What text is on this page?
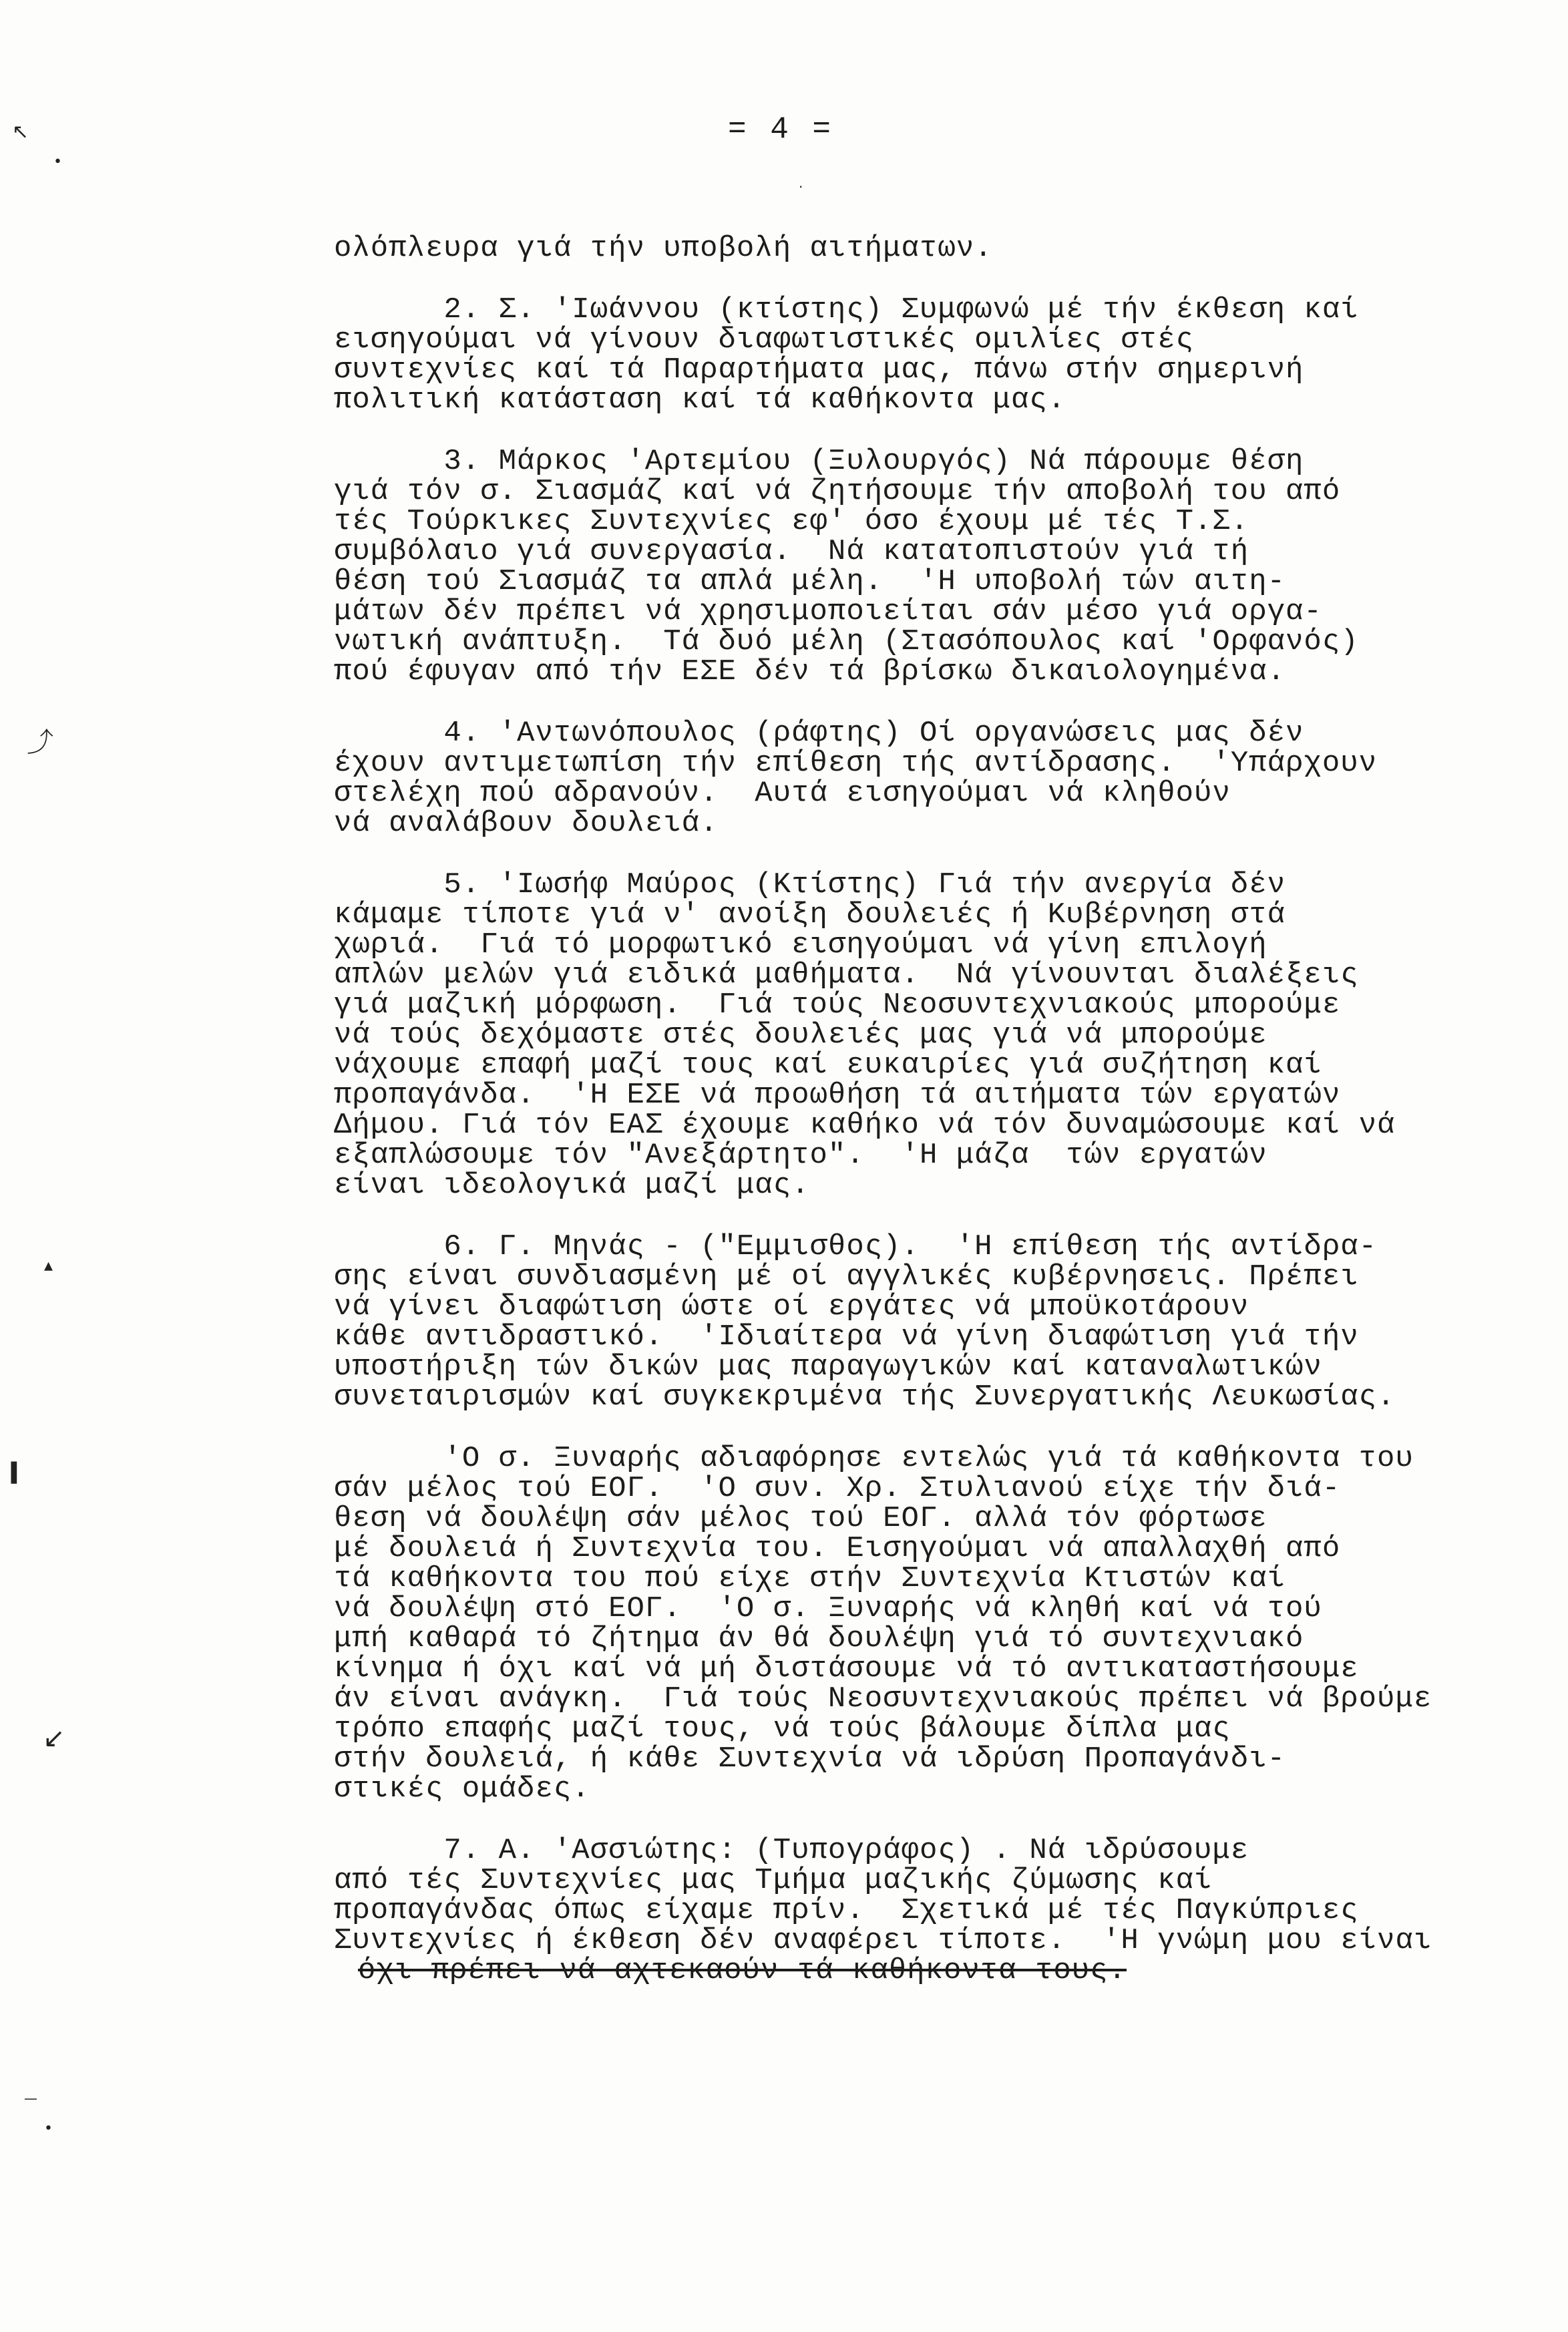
↖
•
⤴
▴
╹
↙
—
•
·
= 4 =
ολόπλευρα γιά τήν υποβολή αιτήματων.
2. Σ. 'Ιωάννου (κτίστης) Συμφωνώ μέ τήν έκθεση καί
εισηγούμαι νά γίνουν διαφωτιστικές ομιλίες στές
συντεχνίες καί τά Παραρτήματα μας, πάνω στήν σημερινή
πολιτική κατάσταση καί τά καθήκοντα μας.
3. Μάρκος 'Αρτεμίου (Ξυλουργός) Νά πάρουμε θέση
γιά τόν σ. Σιασμάζ καί νά ζητήσουμε τήν αποβολή του από
τές Τούρκικες Συντεχνίες εφ' όσο έχουμ μέ τές Τ.Σ.
συμβόλαιο γιά συνεργασία.  Νά κατατοπιστούν γιά τή
θέση τού Σιασμάζ τα απλά μέλη.  'Η υποβολή τών αιτη-
μάτων δέν πρέπει νά χρησιμοποιείται σάν μέσο γιά οργα-
νωτική ανάπτυξη.  Τά δυό μέλη (Στασόπουλος καί 'Ορφανός)
πού έφυγαν από τήν ΕΣΕ δέν τά βρίσκω δικαιολογημένα.
4. 'Αντωνόπουλος (ράφτης) Οί οργανώσεις μας δέν
έχουν αντιμετωπίση τήν επίθεση τής αντίδρασης.  'Υπάρχουν
στελέχη πού αδρανούν.  Αυτά εισηγούμαι νά κληθούν
νά αναλάβουν δουλειά.
5. 'Ιωσήφ Μαύρος (Κτίστης) Γιά τήν ανεργία δέν
κάμαμε τίποτε γιά ν' ανοίξη δουλειές ή Κυβέρνηση στά
χωριά.  Γιά τό μορφωτικό εισηγούμαι νά γίνη επιλογή
απλών μελών γιά ειδικά μαθήματα.  Νά γίνουνται διαλέξεις
γιά μαζική μόρφωση.  Γιά τούς Νεοσυντεχνιακούς μπορούμε
νά τούς δεχόμαστε στές δουλειές μας γιά νά μπορούμε
νάχουμε επαφή μαζί τους καί ευκαιρίες γιά συζήτηση καί
προπαγάνδα.  'Η ΕΣΕ νά προωθήση τά αιτήματα τών εργατών
Δήμου. Γιά τόν ΕΑΣ έχουμε καθήκο νά τόν δυναμώσουμε καί νά
εξαπλώσουμε τόν "Ανεξάρτητο".  'Η μάζα  τών εργατών
είναι ιδεολογικά μαζί μας.
6. Γ. Μηνάς - ("Εμμισθος).  'Η επίθεση τής αντίδρα-
σης είναι συνδιασμένη μέ οί αγγλικές κυβέρνησεις. Πρέπει
νά γίνει διαφώτιση ώστε οί εργάτες νά μποϋκοτάρουν
κάθε αντιδραστικό.  'Ιδιαίτερα νά γίνη διαφώτιση γιά τήν
υποστήριξη τών δικών μας παραγωγικών καί καταναλωτικών
συνεταιρισμών καί συγκεκριμένα τής Συνεργατικής Λευκωσίας.
'Ο σ. Ξυναρής αδιαφόρησε εντελώς γιά τά καθήκοντα του
σάν μέλος τού ΕΟΓ.  'Ο συν. Χρ. Στυλιανού είχε τήν διά-
θεση νά δουλέψη σάν μέλος τού ΕΟΓ. αλλά τόν φόρτωσε
μέ δουλειά ή Συντεχνία του. Εισηγούμαι νά απαλλαχθή από
τά καθήκοντα του πού είχε στήν Συντεχνία Κτιστών καί
νά δουλέψη στό ΕΟΓ.  'Ο σ. Ξυναρής νά κληθή καί νά τού
μπή καθαρά τό ζήτημα άν θά δουλέψη γιά τό συντεχνιακό
κίνημα ή όχι καί νά μή διστάσουμε νά τό αντικαταστήσουμε
άν είναι ανάγκη.  Γιά τούς Νεοσυντεχνιακούς πρέπει νά βρούμε
τρόπο επαφής μαζί τους, νά τούς βάλουμε δίπλα μας
στήν δουλειά, ή κάθε Συντεχνία νά ιδρύση Προπαγάνδι-
στικές ομάδες.
7. Α. 'Ασσιώτης: (Τυπογράφος) . Νά ιδρύσουμε
από τές Συντεχνίες μας Τμήμα μαζικής ζύμωσης καί
προπαγάνδας όπως είχαμε πρίν.  Σχετικά μέ τές Παγκύπριες
Συντεχνίες ή έκθεση δέν αναφέρει τίποτε.  'Η γνώμη μου είναι
όχι πρέπει νά αχτεκαούν τά καθήκοντα τους.
